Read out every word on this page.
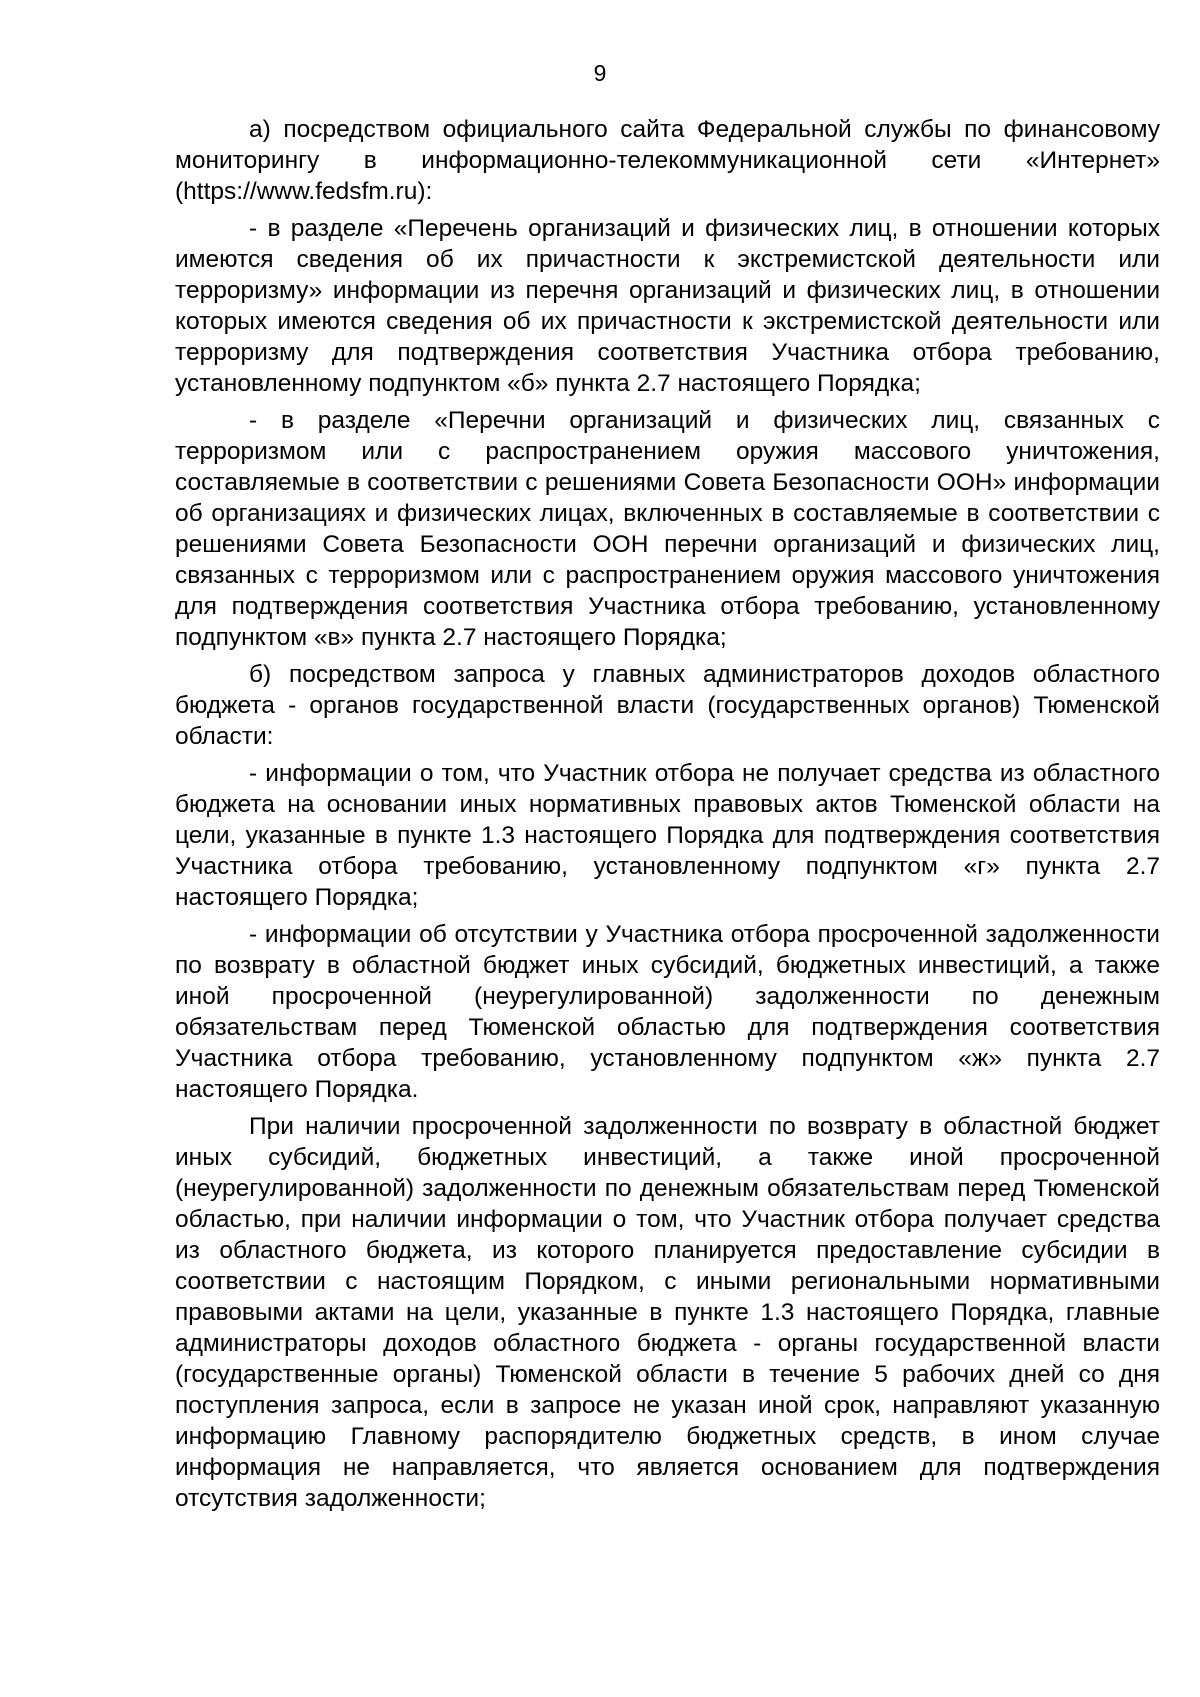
9

а) посредством официального сайта Федеральной службы по финансовому мониторингу в информационно-телекоммуникационной сети «Интернет» (https://www.fedsfm.ru):

- в разделе «Перечень организаций и физических лиц, в отношении которых имеются сведения об их причастности к экстремистской деятельности или терроризму» информации из перечня организаций и физических лиц, в отношении которых имеются сведения об их причастности к экстремистской деятельности или терроризму для подтверждения соответствия Участника отбора требованию, установленному подпунктом «б» пункта 2.7 настоящего Порядка;

- в разделе «Перечни организаций и физических лиц, связанных с терроризмом или с распространением оружия массового уничтожения, составляемые в соответствии с решениями Совета Безопасности ООН» информации об организациях и физических лицах, включенных в составляемые в соответствии с решениями Совета Безопасности ООН перечни организаций и физических лиц, связанных с терроризмом или с распространением оружия массового уничтожения для подтверждения соответствия Участника отбора требованию, установленному подпунктом «в» пункта 2.7 настоящего Порядка;

б) посредством запроса у главных администраторов доходов областного бюджета - органов государственной власти (государственных органов) Тюменской области:

- информации о том, что Участник отбора не получает средства из областного бюджета на основании иных нормативных правовых актов Тюменской области на цели, указанные в пункте 1.3 настоящего Порядка для подтверждения соответствия Участника отбора требованию, установленному подпунктом «г» пункта 2.7 настоящего Порядка;

- информации об отсутствии у Участника отбора просроченной задолженности по возврату в областной бюджет иных субсидий, бюджетных инвестиций, а также иной просроченной (неурегулированной) задолженности по денежным обязательствам перед Тюменской областью для подтверждения соответствия Участника отбора требованию, установленному подпунктом «ж» пункта 2.7 настоящего Порядка.

При наличии просроченной задолженности по возврату в областной бюджет иных субсидий, бюджетных инвестиций, а также иной просроченной (неурегулированной) задолженности по денежным обязательствам перед Тюменской областью, при наличии информации о том, что Участник отбора получает средства из областного бюджета, из которого планируется предоставление субсидии в соответствии с настоящим Порядком, с иными региональными нормативными правовыми актами на цели, указанные в пункте 1.3 настоящего Порядка, главные администраторы доходов областного бюджета - органы государственной власти (государственные органы) Тюменской области в течение 5 рабочих дней со дня поступления запроса, если в запросе не указан иной срок, направляют указанную информацию Главному распорядителю бюджетных средств, в ином случае информация не направляется, что является основанием для подтверждения отсутствия задолженности;
